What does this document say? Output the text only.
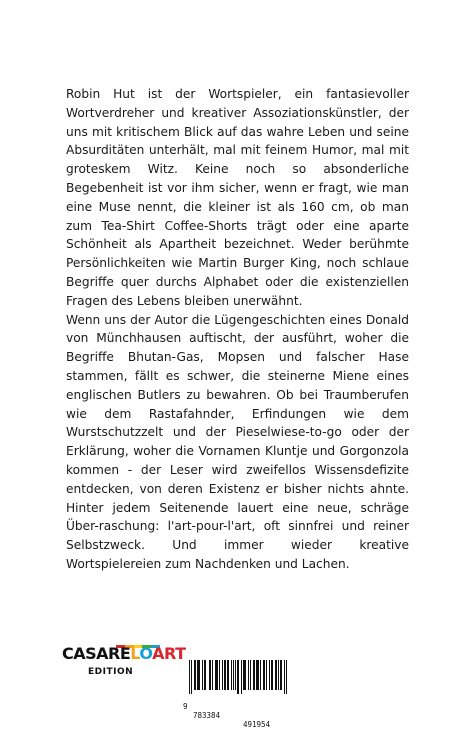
Robin Hut ist der Wortspieler, ein fantasievoller Wortverdreher und kreativer Assoziationskünstler, der uns mit kritischem Blick auf das wahre Leben und seine Absurditäten unterhält, mal mit feinem Humor, mal mit groteskem Witz. Keine noch so absonderliche Begebenheit ist vor ihm sicher, wenn er fragt, wie man eine Muse nennt, die kleiner ist als 160 cm, ob man zum Tea-Shirt Coffee-Shorts trägt oder eine aparte Schönheit als Apartheit bezeichnet. Weder berühmte Persönlichkeiten wie Martin Burger King, noch schlaue Begriffe quer durchs Alphabet oder die existenziellen Fragen des Lebens bleiben unerwähnt.

Wenn uns der Autor die Lügengeschichten eines Donald von Münchhausen auftischt, der ausführt, woher die Begriffe Bhutan-Gas, Mopsen und falscher Hase stammen, fällt es schwer, die steinerne Miene eines englischen Butlers zu bewahren. Ob bei Traumberufen wie dem Rastafahnder, Erfindungen wie dem Wurstschutzzelt und der Pieselwiese-to-go oder der Erklärung, woher die Vornamen Kluntje und Gorgonzola kommen - der Leser wird zweifellos Wissensdefizite entdecken, von deren Existenz er bisher nichts ahnte. Hinter jedem Seitenende lauert eine neue, schräge Über-raschung: l'art-pour-l'art, oft sinnfrei und reiner Selbstzweck. Und immer wieder kreative Wortspielereien zum Nachdenken und Lachen.

CASARELOART
EDITION

9

783384

491954
